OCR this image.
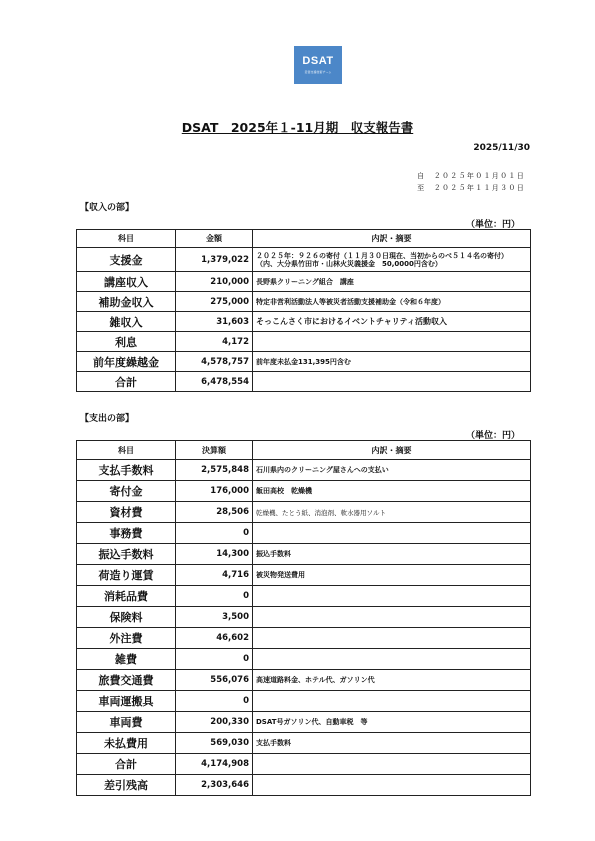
DSAT
災害支援技術チーム
DSAT　2025年１-11月期　収支報告書
2025/11/30
自　２０２５年０１月０１日
至　２０２５年１１月３０日
【収入の部】
（単位：円）
科目	金額	内訳・摘要
支援金	1,379,022	２０２５年：９２６の寄付（１１月３０日現在、当初からのべ５１４名の寄付）
（内、大分県竹田市・山林火災義援金　50,0000円含む）

講座収入	210,000	長野県クリーニング組合　講座
補助金収入	275,000	特定非営利活動法人等被災者活動支援補助金（令和６年度）
雑収入	31,603	そっこんさく市におけるイベントチャリティ活動収入
利息	4,172	
前年度繰越金	4,578,757	前年度未払金131,395円含む
合計	6,478,554	
【支出の部】
（単位：円）
科目	決算額	内訳・摘要
支払手数料	2,575,848	石川県内のクリーニング屋さんへの支払い
寄付金	176,000	飯田高校　乾燥機
資材費	28,506	乾燥機、たとう紙、消泡剤、軟水器用ソルト
事務費	0	
振込手数料	14,300	振込手数料
荷造り運賃	4,716	被災物発送費用
消耗品費	0	
保険料	3,500	
外注費	46,602	
雑費	0	
旅費交通費	556,076	高速道路料金、ホテル代、ガソリン代
車両運搬具	0	
車両費	200,330	DSAT号ガソリン代、自動車税　等
未払費用	569,030	支払手数料
合計	4,174,908	
差引残高	2,303,646	
